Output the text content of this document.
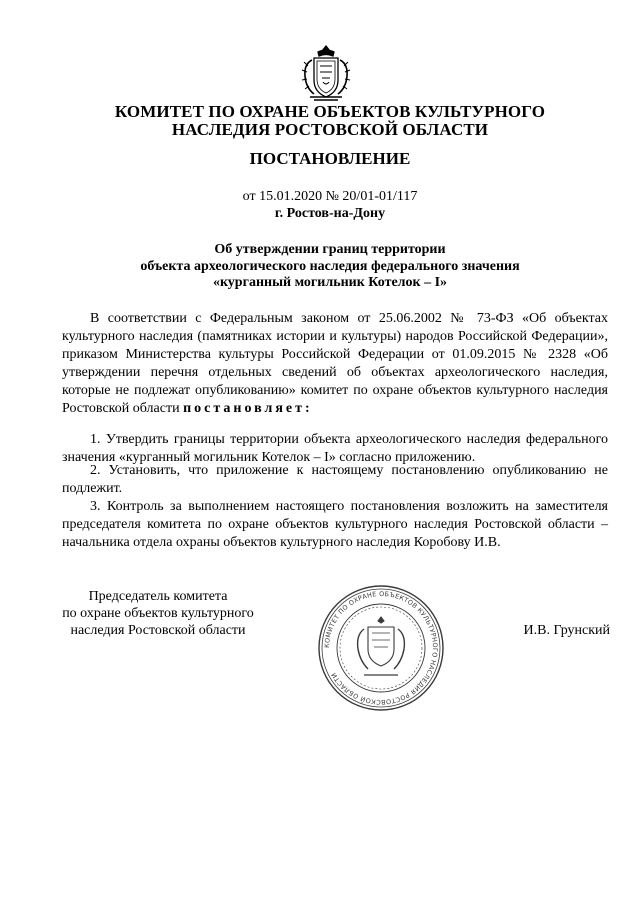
КОМИТЕТ ПО ОХРАНЕ ОБЪЕКТОВ КУЛЬТУРНОГО
НАСЛЕДИЯ РОСТОВСКОЙ ОБЛАСТИ
ПОСТАНОВЛЕНИЕ
от 15.01.2020 № 20/01-01/117
г. Ростов-на-Дону
Об утверждении границ территории
объекта археологического наследия федерального значения
«курганный могильник Котелок – I»
В соответствии с Федеральным законом от 25.06.2002 № 73-ФЗ «Об объектах культурного наследия (памятниках истории и культуры) народов Российской Федерации», приказом Министерства культуры Российской Федерации от 01.09.2015 № 2328 «Об утверждении перечня отдельных сведений об объектах археологического наследия, которые не подлежат опубликованию» комитет по охране объектов культурного наследия Ростовской области постановляет:
1. Утвердить границы территории объекта археологического наследия федерального значения «курганный могильник Котелок – I» согласно приложению.
2. Установить, что приложение к настоящему постановлению опубликованию не подлежит.
3. Контроль за выполнением настоящего постановления возложить на заместителя председателя комитета по охране объектов культурного наследия Ростовской области – начальника отдела охраны объектов культурного наследия Коробову И.В.
Председатель комитета
по охране объектов культурного
наследия Ростовской области
КОМИТЕТ ПО ОХРАНЕ ОБЪЕКТОВ КУЛЬТУРНОГО НАСЛЕДИЯ РОСТОВСКОЙ ОБЛАСТИ
И.В. Грунский
